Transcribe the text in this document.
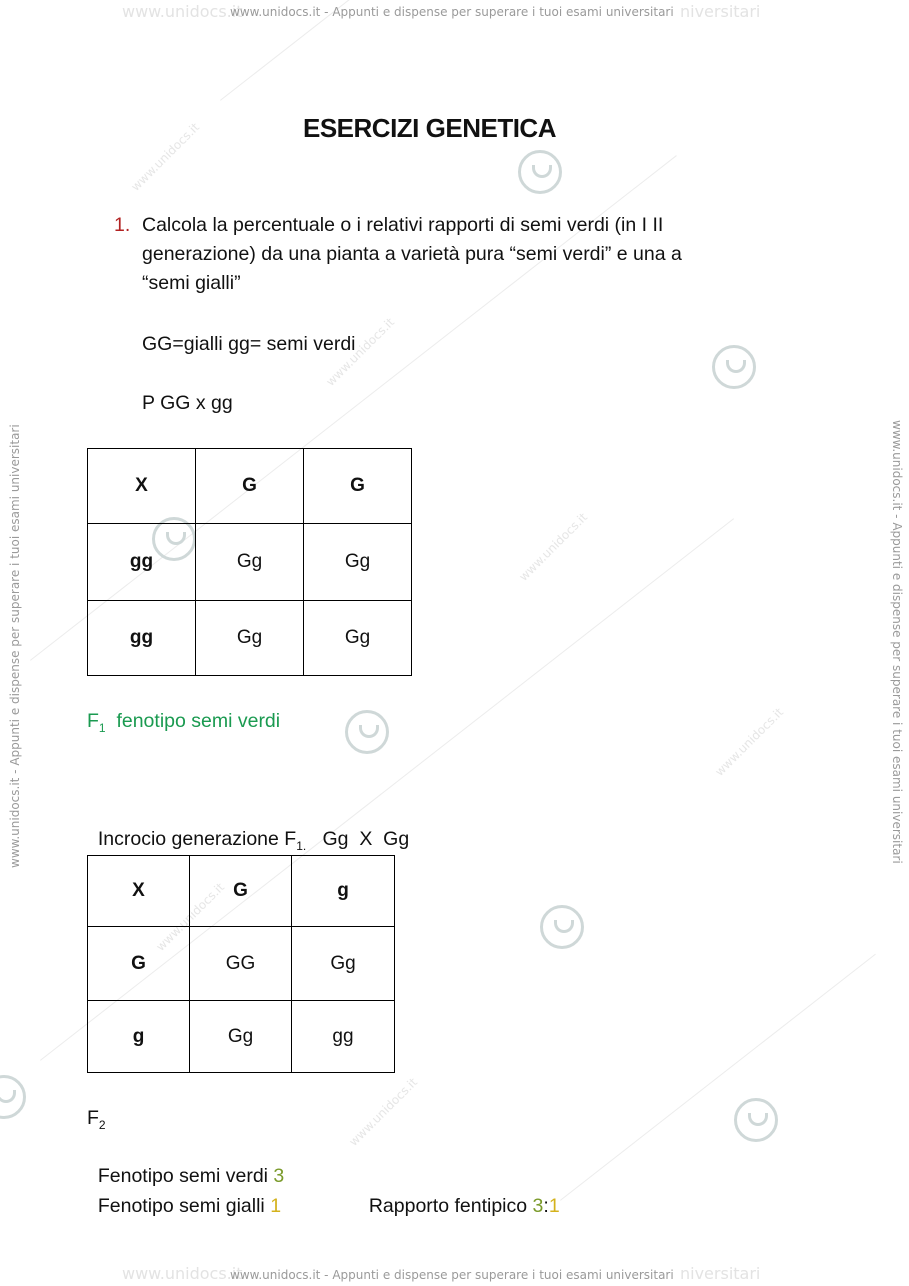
www.unidocs.it
www.unidocs.it
www.unidocs.it
www.unidocs.it
www.unidocs.it
www.unidocs.it
www.unidocs.it	niversitari
www.unidocs.it	niversitari
www.unidocs.it - Appunti e dispense per superare i tuoi esami universitari
www.unidocs.it - Appunti e dispense per superare i tuoi esami universitari
www.unidocs.it - Appunti e dispense per superare i tuoi esami universitari	www.unidocs.it - Appunti e dispense per superare i tuoi esami universitari
ESERCIZI GENETICA
1. Calcola la percentuale o i relativi rapporti di semi verdi (in I II
generazione) da una pianta a varietà pura “semi verdi” e una a
“semi gialli”
GG=gialli gg= semi verdi
P GG x gg
X	G	G
gg	Gg	Gg
gg	Gg	Gg
$F_1$  fenotipo semi verdi

Incrocio generazione $F_{1.}$   Gg  X  Gg

X	G	g
G	GG	Gg
g	Gg	gg
$F_2$

Fenotipo semi verdi 3

Fenotipo semi gialli 1	Rapporto fentipico 3:1
